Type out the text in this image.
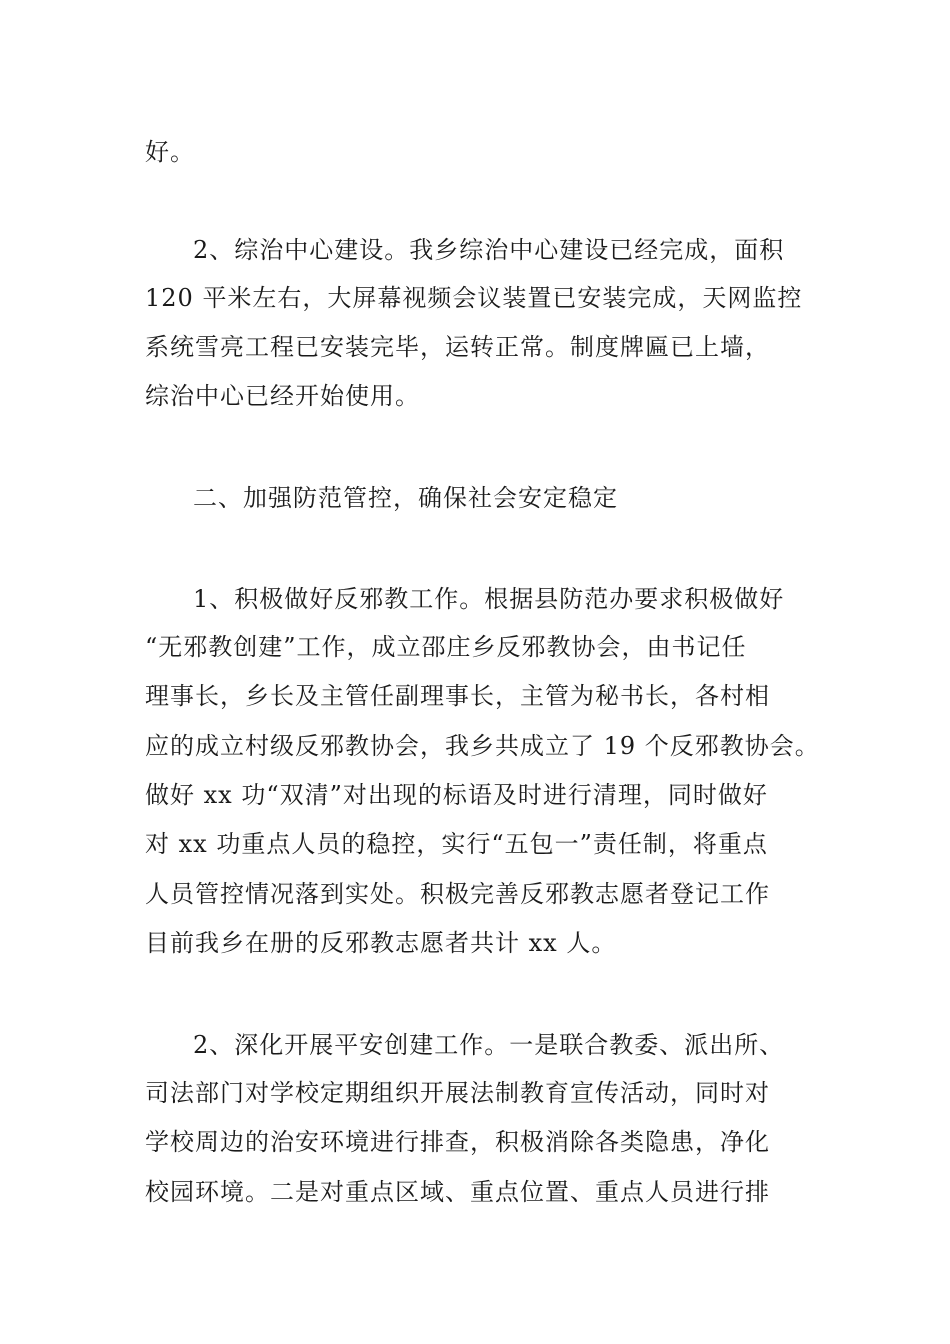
好。
2、综治中心建设。我乡综治中心建设已经完成，面积
120 平米左右，大屏幕视频会议装置已安装完成，天网监控
系统雪亮工程已安装完毕，运转正常。制度牌匾已上墙，
综治中心已经开始使用。
二、加强防范管控，确保社会安定稳定
1、积极做好反邪教工作。根据县防范办要求积极做好
“无邪教创建”工作，成立邵庄乡反邪教协会，由书记任
理事长，乡长及主管任副理事长，主管为秘书长，各村相
应的成立村级反邪教协会，我乡共成立了 19 个反邪教协会。
做好 xx 功“双清”对出现的标语及时进行清理，同时做好
对 xx 功重点人员的稳控，实行“五包一”责任制，将重点
人员管控情况落到实处。积极完善反邪教志愿者登记工作
目前我乡在册的反邪教志愿者共计 xx 人。
2、深化开展平安创建工作。一是联合教委、派出所、
司法部门对学校定期组织开展法制教育宣传活动，同时对
学校周边的治安环境进行排查，积极消除各类隐患，净化
校园环境。二是对重点区域、重点位置、重点人员进行排
